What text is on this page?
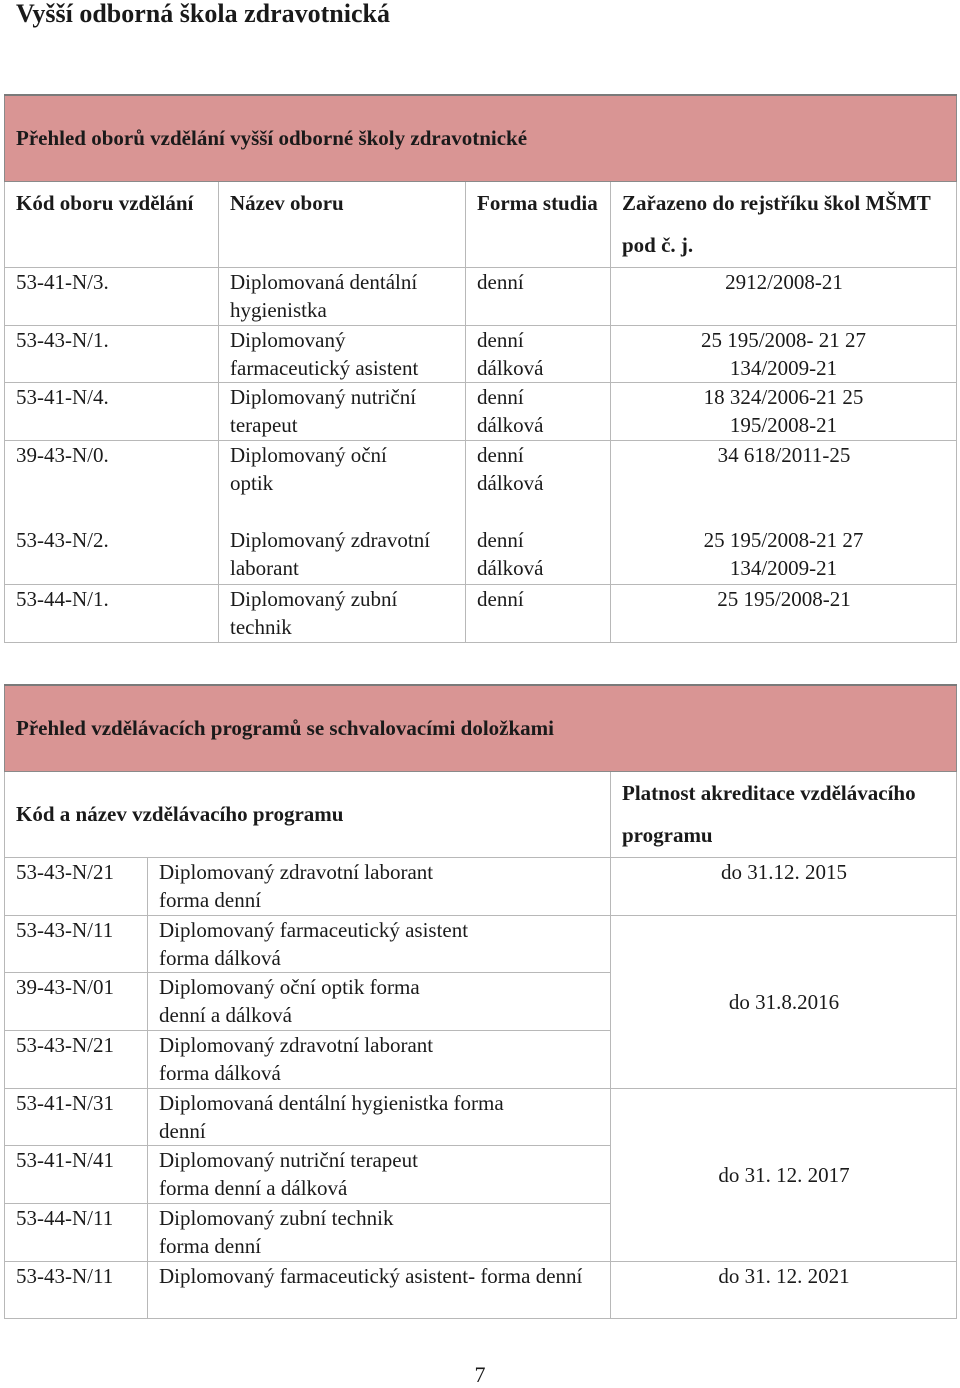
Vyšší odborná škola zdravotnická
Přehled oborů vzdělání vyšší odborné školy zdravotnické			
Kód oboru vzdělání	Název oboru	Forma studia	Zařazeno do rejstříku škol MŠMT pod č. j.
53-41-N/3.	Diplomovaná dentální hygienistka	denní	2912/2008-21
53-43-N/1.	Diplomovaný farmaceutický asistent	denní dálková	25 195/2008- 21 27 134/2009-21
53-41-N/4.	Diplomovaný nutriční terapeut	denní dálková	18 324/2006-21 25 195/2008-21
39-43-N/0.	Diplomovaný oční optik	denní dálková	34 618/2011-25
53-43-N/2.	Diplomovaný zdravotní laborant	denní dálková	25 195/2008-21 27 134/2009-21
53-44-N/1.	Diplomovaný zubní technik	denní	25 195/2008-21
Přehled vzdělávacích programů se schvalovacími doložkami		
Kód a název vzdělávacího programu		Platnost akreditace vzdělávacího programu
53-43-N/21	Diplomovaný zdravotní laborant forma denní	do 31.12. 2015
53-43-N/11	Diplomovaný farmaceutický asistent forma dálková	do 31.8.2016
39-43-N/01	Diplomovaný oční optik forma denní a dálková	
53-43-N/21	Diplomovaný zdravotní laborant forma dálková	
53-41-N/31	Diplomovaná dentální hygienistka forma denní	do 31. 12. 2017
53-41-N/41	Diplomovaný nutriční terapeut forma denní a dálková	
53-44-N/11	Diplomovaný zubní technik forma denní	
53-43-N/11	Diplomovaný farmaceutický asistent- forma denní	do 31. 12. 2021
7
